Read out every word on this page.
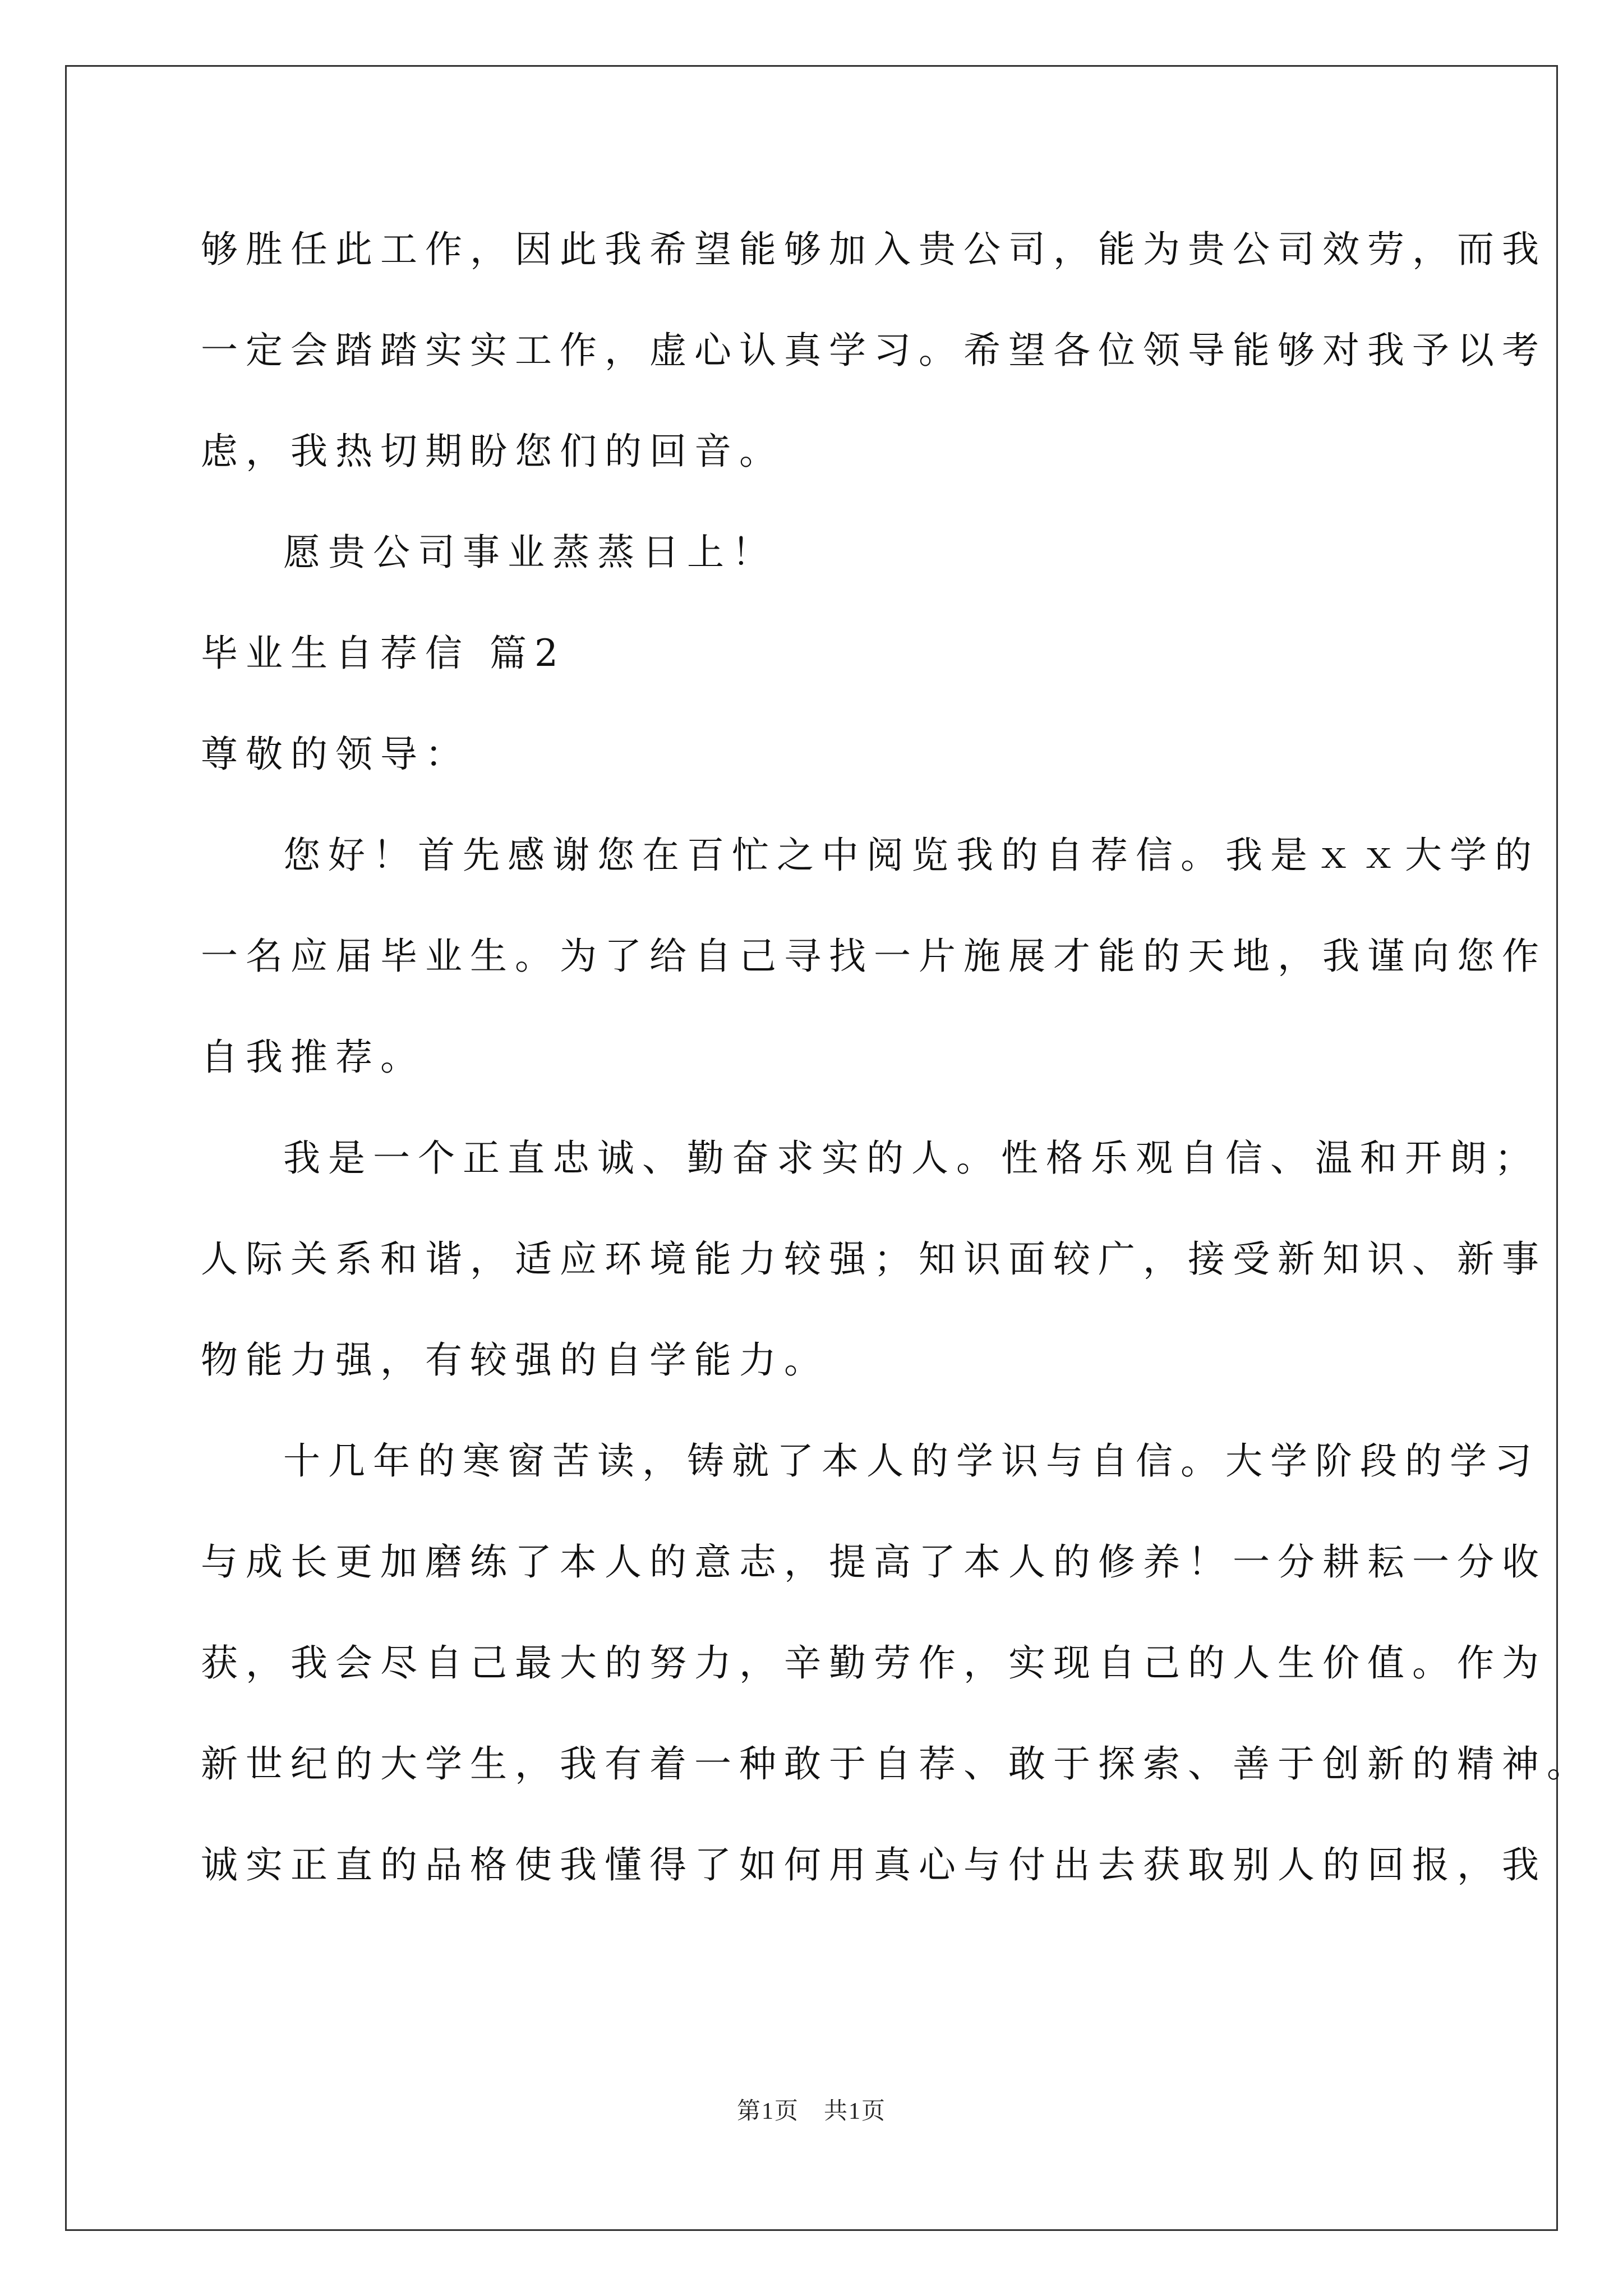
够胜任此工作，因此我希望能够加入贵公司，能为贵公司效劳，而我
一定会踏踏实实工作，虚心认真学习。希望各位领导能够对我予以考
虑，我热切期盼您们的回音。
愿贵公司事业蒸蒸日上！
毕业生自荐信 篇2
尊敬的领导：
您好！首先感谢您在百忙之中阅览我的自荐信。我是ｘｘ大学的
一名应届毕业生。为了给自己寻找一片施展才能的天地，我谨向您作
自我推荐。
我是一个正直忠诚、勤奋求实的人。性格乐观自信、温和开朗；
人际关系和谐，适应环境能力较强；知识面较广，接受新知识、新事
物能力强，有较强的自学能力。
十几年的寒窗苦读，铸就了本人的学识与自信。大学阶段的学习
与成长更加磨练了本人的意志，提高了本人的修养！一分耕耘一分收
获，我会尽自己最大的努力，辛勤劳作，实现自己的人生价值。作为
新世纪的大学生，我有着一种敢于自荐、敢于探索、善于创新的精神。
诚实正直的品格使我懂得了如何用真心与付出去获取别人的回报，我
第1页　共1页
